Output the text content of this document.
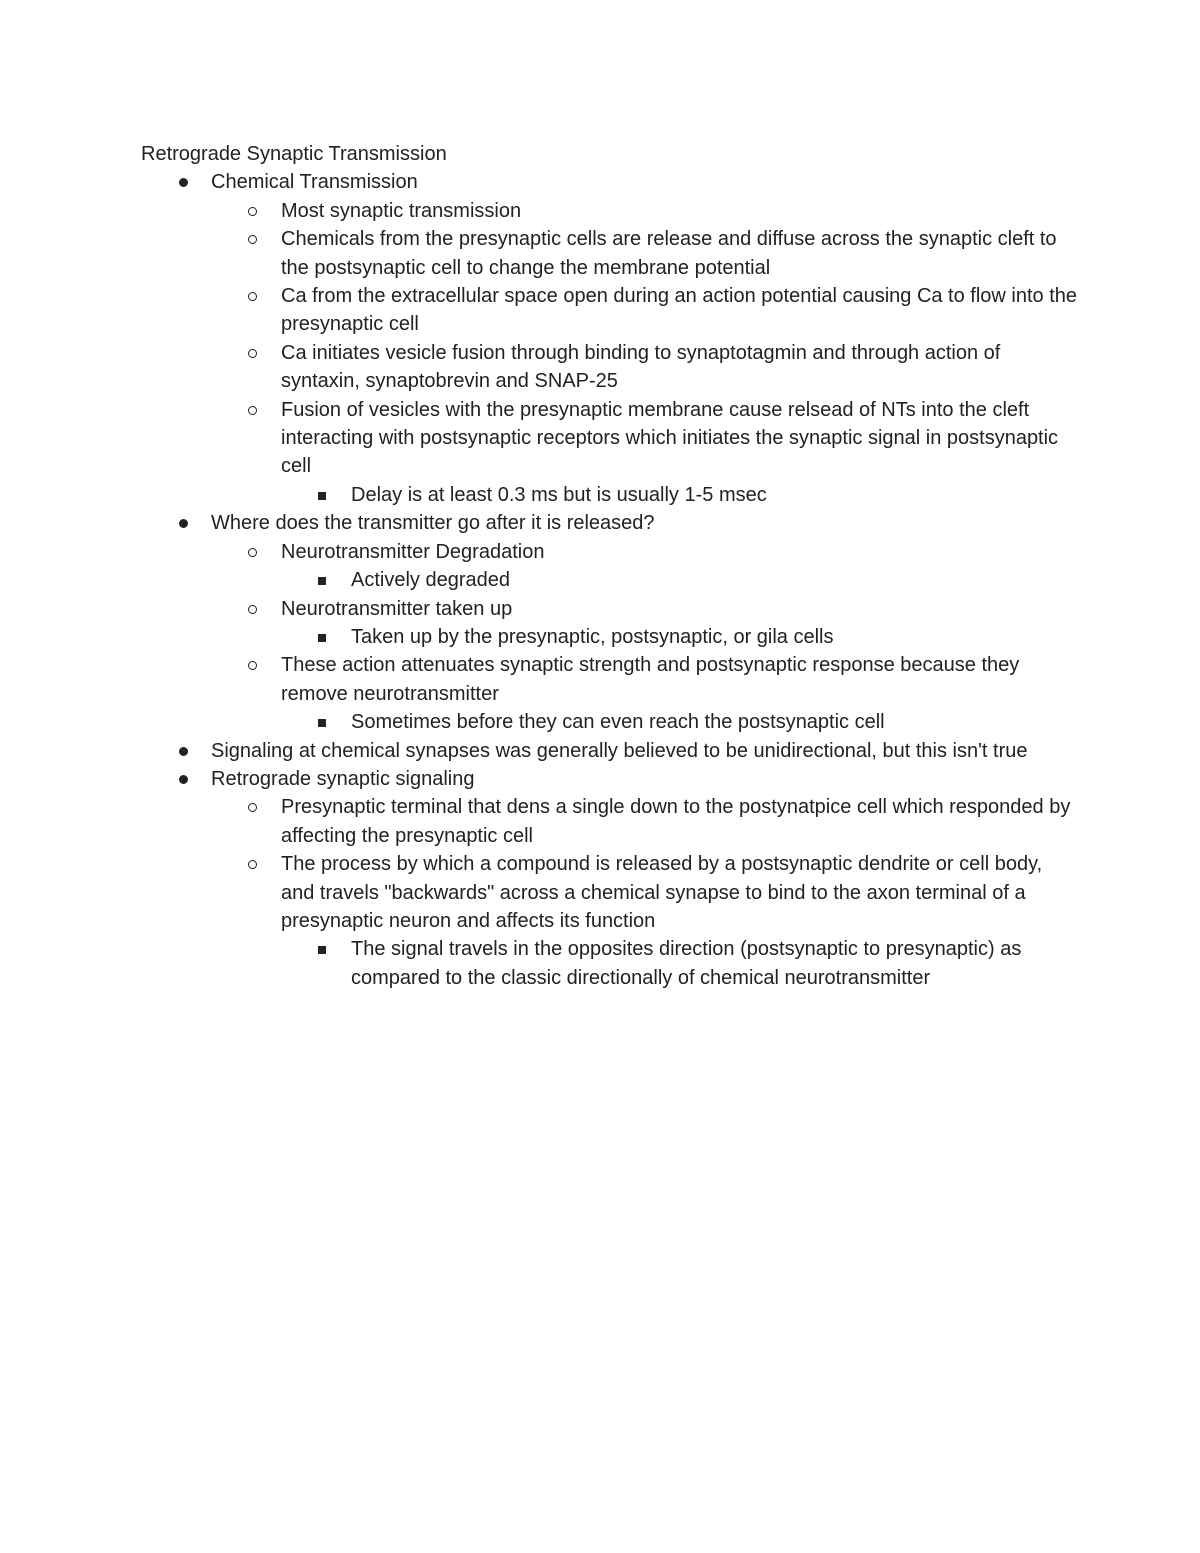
Retrograde Synaptic Transmission
Chemical Transmission
Most synaptic transmission
Chemicals from the presynaptic cells are release and diffuse across the synaptic cleft to the postsynaptic cell to change the membrane potential
Ca from the extracellular space open during an action potential causing Ca to flow into the presynaptic cell
Ca initiates vesicle fusion through binding to synaptotagmin and through action of syntaxin, synaptobrevin and SNAP-25
Fusion of vesicles with the presynaptic membrane cause relsead of NTs into the cleft interacting with postsynaptic receptors which initiates the synaptic signal in postsynaptic cell
Delay is at least 0.3 ms but is usually 1-5 msec
Where does the transmitter go after it is released?
Neurotransmitter Degradation
Actively degraded
Neurotransmitter taken up
Taken up by the presynaptic, postsynaptic, or gila cells
These action attenuates synaptic strength and postsynaptic response because they remove neurotransmitter
Sometimes before they can even reach the postsynaptic cell
Signaling at chemical synapses was generally believed to be unidirectional, but this isn't true
Retrograde synaptic signaling
Presynaptic terminal that dens a single down to the postynatpice cell which responded by affecting the presynaptic cell
The process by which a compound is released by a postsynaptic dendrite or cell body, and travels "backwards" across a chemical synapse to bind to the axon terminal of a presynaptic neuron and affects its function
The signal travels in the opposites direction (postsynaptic to presynaptic) as compared to the classic directionally of chemical neurotransmitter
